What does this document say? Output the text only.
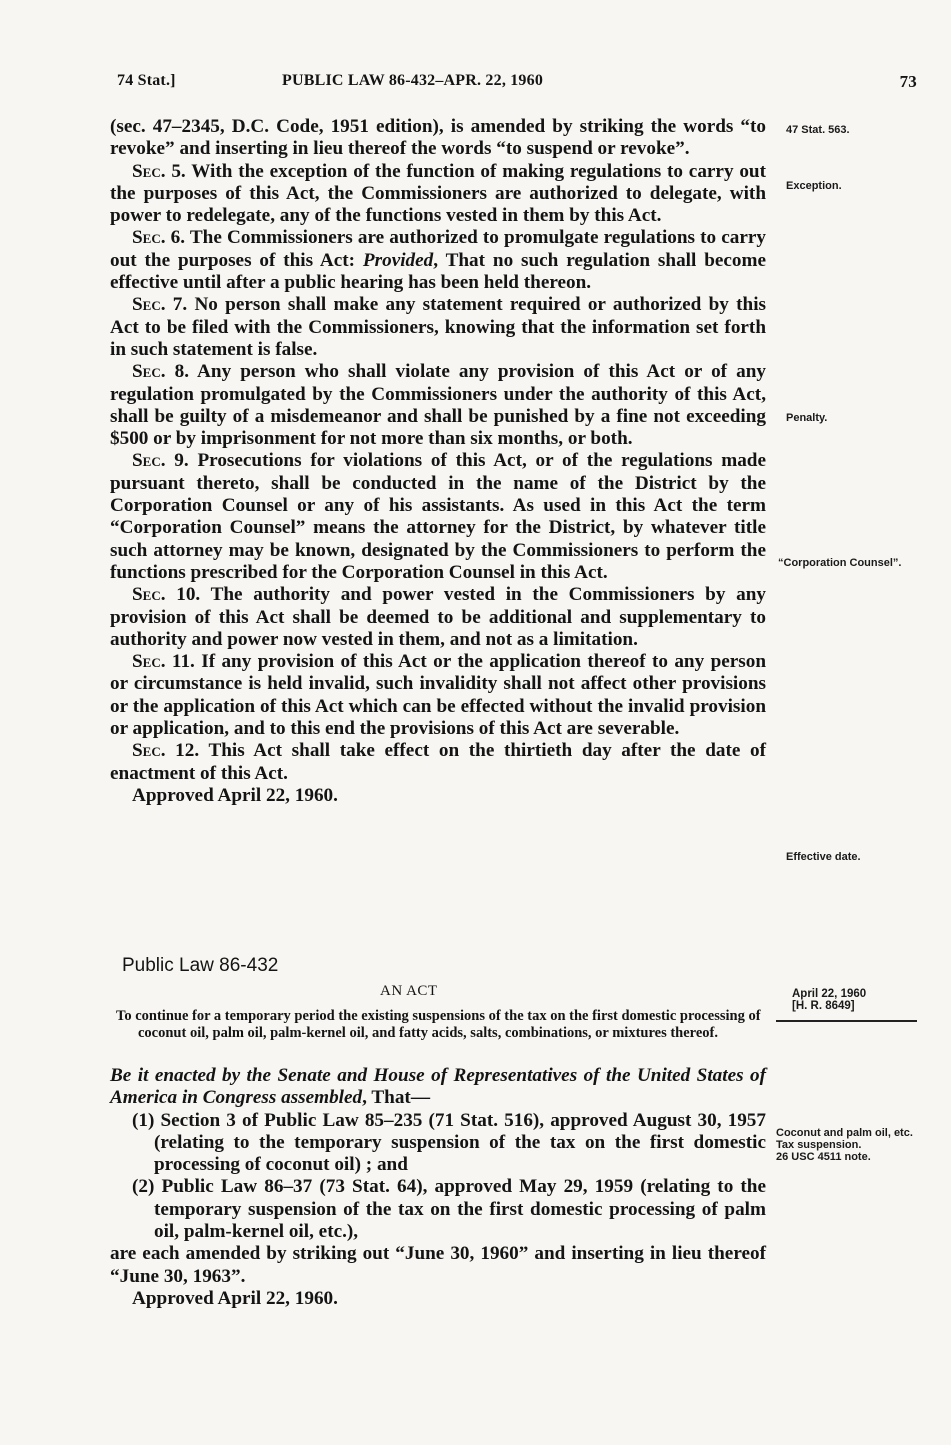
74 Stat.]	PUBLIC LAW 86-432–APR. 22, 1960	73

(sec. 47–2345, D.C. Code, 1951 edition), is amended by striking the words “to revoke” and inserting in lieu thereof the words “to suspend or revoke”.

Sec. 5. With the exception of the function of making regulations to carry out the purposes of this Act, the Commissioners are authorized to delegate, with power to redelegate, any of the functions vested in them by this Act.

Sec. 6. The Commissioners are authorized to promulgate regulations to carry out the purposes of this Act: Provided, That no such regulation shall become effective until after a public hearing has been held thereon.

Sec. 7. No person shall make any statement required or authorized by this Act to be filed with the Commissioners, knowing that the information set forth in such statement is false.

Sec. 8. Any person who shall violate any provision of this Act or of any regulation promulgated by the Commissioners under the authority of this Act, shall be guilty of a misdemeanor and shall be punished by a fine not exceeding $500 or by imprisonment for not more than six months, or both.

Sec. 9. Prosecutions for violations of this Act, or of the regulations made pursuant thereto, shall be conducted in the name of the District by the Corporation Counsel or any of his assistants. As used in this Act the term “Corporation Counsel” means the attorney for the District, by whatever title such attorney may be known, designated by the Commissioners to perform the functions prescribed for the Corporation Counsel in this Act.

Sec. 10. The authority and power vested in the Commissioners by any provision of this Act shall be deemed to be additional and supplementary to authority and power now vested in them, and not as a limitation.

Sec. 11. If any provision of this Act or the application thereof to any person or circumstance is held invalid, such invalidity shall not affect other provisions or the application of this Act which can be effected without the invalid provision or application, and to this end the provisions of this Act are severable.

Sec. 12. This Act shall take effect on the thirtieth day after the date of enactment of this Act.

Approved April 22, 1960.

47 Stat. 563.
Exception.
Penalty.
“Corporation Counsel”.
Effective date.
Public Law 86-432
April 22, 1960
[H. R. 8649]
AN ACT

To continue for a temporary period the existing suspensions of the tax on the first domestic processing of coconut oil, palm oil, palm-kernel oil, and fatty acids, salts, combinations, or mixtures thereof.

Be it enacted by the Senate and House of Representatives of the United States of America in Congress assembled, That—

(1) Section 3 of Public Law 85–235 (71 Stat. 516), approved August 30, 1957 (relating to the temporary suspension of the tax on the first domestic processing of coconut oil) ; and

(2) Public Law 86–37 (73 Stat. 64), approved May 29, 1959 (relating to the temporary suspension of the tax on the first domestic processing of palm oil, palm-kernel oil, etc.),

are each amended by striking out “June 30, 1960” and inserting in lieu thereof “June 30, 1963”.

Approved April 22, 1960.

Coconut and palm oil, etc.
Tax suspension.
26 USC 4511 note.
